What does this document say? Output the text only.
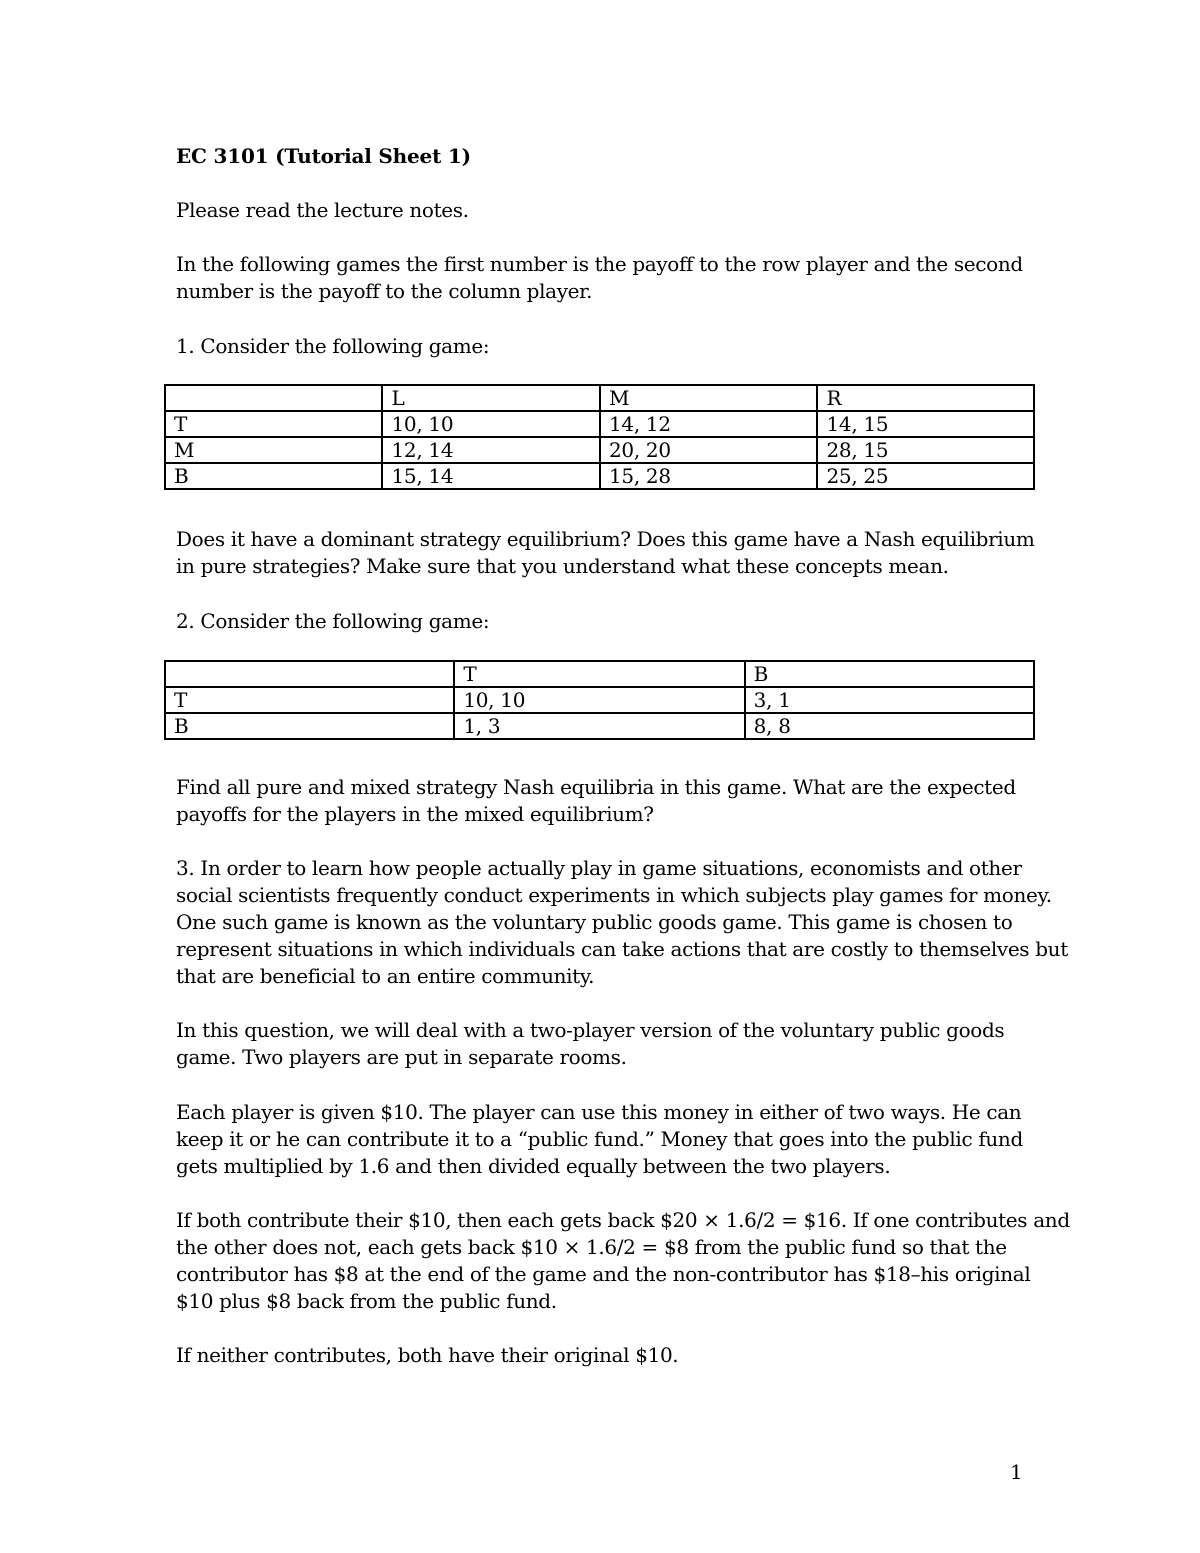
EC 3101 (Tutorial Sheet 1)

Please read the lecture notes.

In the following games the first number is the payoff to the row player and the second
number is the payoff to the column player.

1. Consider the following game:

	L	M	R
T	10, 10	14, 12	14, 15
M	12, 14	20, 20	28, 15
B	15, 14	15, 28	25, 25

Does it have a dominant strategy equilibrium? Does this game have a Nash equilibrium
in pure strategies? Make sure that you understand what these concepts mean.

2. Consider the following game:

	T	B
T	10, 10	3, 1
B	1, 3	8, 8

Find all pure and mixed strategy Nash equilibria in this game. What are the expected
payoffs for the players in the mixed equilibrium?

3. In order to learn how people actually play in game situations, economists and other
social scientists frequently conduct experiments in which subjects play games for money.
One such game is known as the voluntary public goods game. This game is chosen to
represent situations in which individuals can take actions that are costly to themselves but
that are beneficial to an entire community.

In this question, we will deal with a two-player version of the voluntary public goods
game. Two players are put in separate rooms.

Each player is given $10. The player can use this money in either of two ways. He can
keep it or he can contribute it to a “public fund.” Money that goes into the public fund
gets multiplied by 1.6 and then divided equally between the two players.

If both contribute their $10, then each gets back $20 × 1.6/2 = $16. If one contributes and
the other does not, each gets back $10 × 1.6/2 = $8 from the public fund so that the
contributor has $8 at the end of the game and the non-contributor has $18–his original
$10 plus $8 back from the public fund.

If neither contributes, both have their original $10.

1
